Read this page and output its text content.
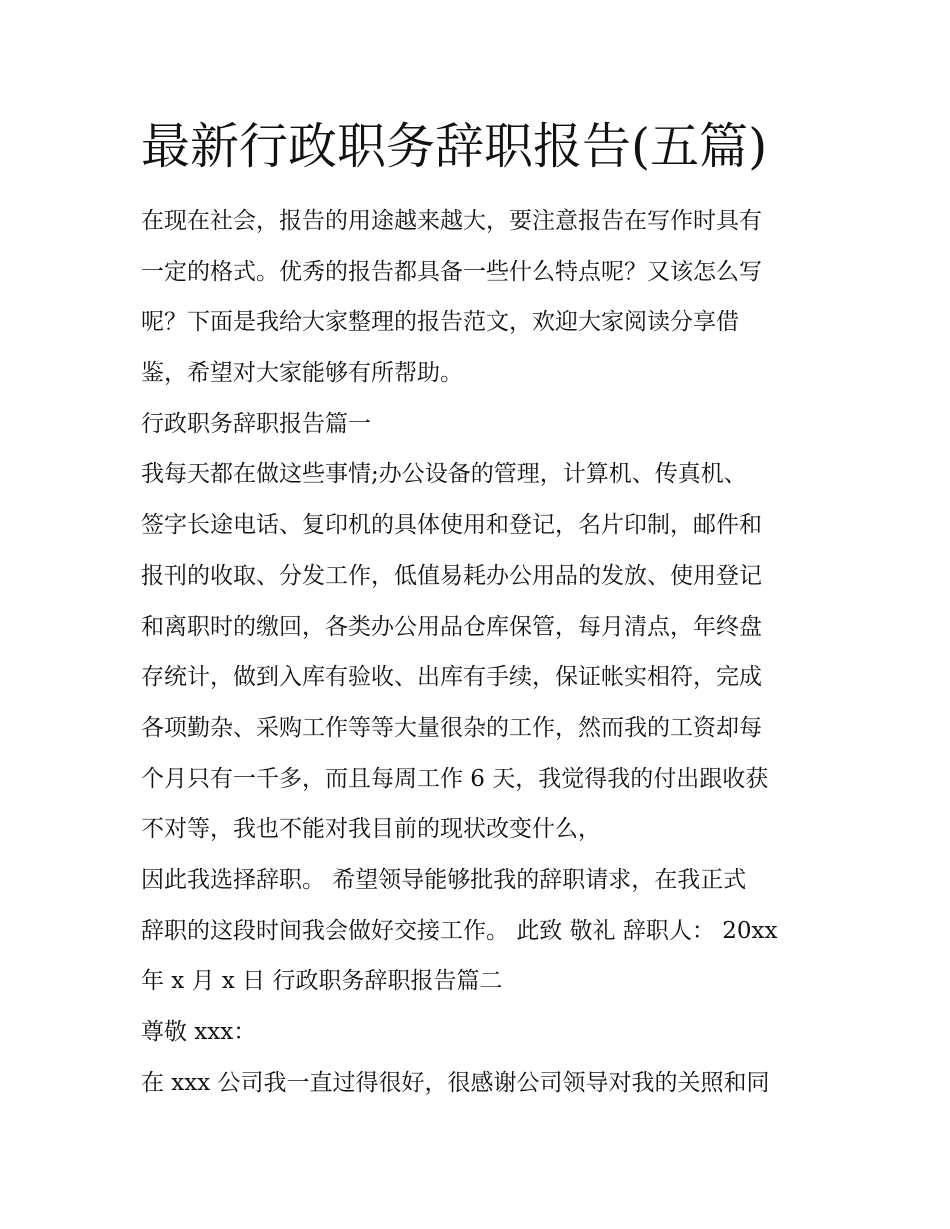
最新行政职务辞职报告(五篇)
在现在社会，报告的用途越来越大，要注意报告在写作时具有
一定的格式。优秀的报告都具备一些什么特点呢？又该怎么写
呢？下面是我给大家整理的报告范文，欢迎大家阅读分享借
鉴，希望对大家能够有所帮助。
行政职务辞职报告篇一
我每天都在做这些事情;办公设备的管理，计算机、传真机、
签字长途电话、复印机的具体使用和登记，名片印制，邮件和
报刊的收取、分发工作，低值易耗办公用品的发放、使用登记
和离职时的缴回，各类办公用品仓库保管，每月清点，年终盘
存统计，做到入库有验收、出库有手续，保证帐实相符，完成
各项勤杂、采购工作等等大量很杂的工作，然而我的工资却每
个月只有一千多，而且每周工作 6 天，我觉得我的付出跟收获
不对等，我也不能对我目前的现状改变什么，
因此我选择辞职。 希望领导能够批我的辞职请求，在我正式
辞职的这段时间我会做好交接工作。 此致 敬礼 辞职人： 20xx
年 x 月 x 日 行政职务辞职报告篇二
尊敬 xxx：
在 xxx 公司我一直过得很好，很感谢公司领导对我的关照和同
